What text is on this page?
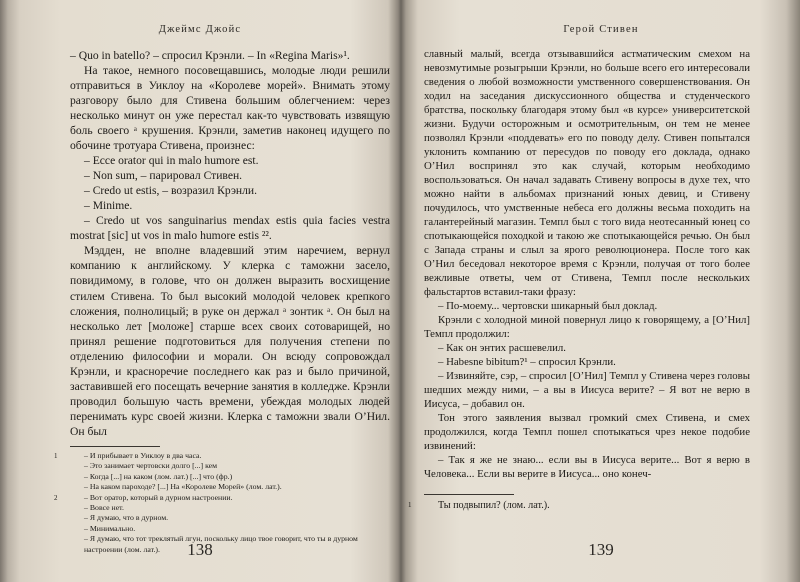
Джеймс Джойс

– Quo in batello? – спросил Крэнли. – In «Regina Maris»¹.

Ha такое, немного посовещавшись, молодые люди решили отправиться в Уиклоу на «Королеве морей». Внимать этому разговору было для Стивена большим облегчением: через несколько минут он уже перестал как-то чувствовать извящую боль своего ᵃ крушения. Крэнли, заметив наконец идущего по обочине тротуара Стивена, произнес:

– Ecce orator qui in malo humore est.

– Non sum, – парировал Стивен.

– Credo ut estis, – возразил Крэнли.

– Minime.

– Credo ut vos sanguinarius mendax estis quia facies vestra mostrat [sic] ut vos in malo humore estis ²².

Мэдден, не вполне владевший этим наречием, вернул компанию к английскому. У клерка с таможни засело, повидимому, в голове, что он должен выразить восхищение стилем Стивена. То был высокий молодой человек крепкого сложения, полнолицый; в руке он держал ᵃ зонтик ᵃ. Он был на несколько лет [моложе] старше всех своих сотоварищей, но принял решение подготовиться для получения степени по отделению философии и морали. Он всюду сопровождал Крэнли, и красноречие последнего как раз и было причиной, заставившей его посещать вечерние занятия в колледже. Крэнли проводил большую часть времени, убеждая молодых людей перенимать курс своей жизни. Клерка с таможни звали О’Нил. Он был

1	– И прибывает в Уиклоу в два часа.
– Это занимает чертовски долго [...] кем
– Когда [...] на каком (лом. лат.) [...] что (фр.)
– На каком пароходе? [...] На «Королеве Морей» (лом. лат.).
2	– Вот оратор, который в дурном настроении.
– Вовсе нет.
– Я думаю, что в дурном.
– Минимально.
– Я думаю, что тот треклятый лгун, поскольку лицо твое говорит, что ты в дурном настроении (лом. лат.).	138
Герой Стивен

славный малый, всегда отзывавшийся астматическим смехом на невозмутимые розыгрыши Крэнли, но больше всего его интересовали сведения о любой возможности умственного совершенствования. Он ходил на заседания дискуссионного общества и студенческого братства, поскольку благодаря этому был «в курсе» университетской жизни. Будучи осторожным и осмотрительным, он тем не менее позволял Крэнли «поддевать» его по поводу делу. Стивен попытался уклонить компанию от пересудов по поводу его доклада, однако О’Нил воспринял это как случай, которым необходимо воспользоваться. Он начал задавать Стивену вопросы в духе тех, что можно найти в альбомах признаний юных девиц, и Стивену почудилось, что умственные небеса его должны весьма походить на галантерейный магазин. Темпл был с того вида неотесанный юнец со спотыкающейся походкой и такою же спотыкающейся речью. Он был с Запада страны и слыл за ярого революционера. После того как О’Нил беседовал некоторое время с Крэнли, получая от того более вежливые ответы, чем от Стивена, Темпл после нескольких фальстартов вставил-таки фразу:

– По-моему... чертовски шикарный был доклад.

Крэнли с холодной миной повернул лицо к говорящему, а [О’Нил] Темпл продолжил:

– Как он энтих расшевелил.

– Habesne bibitum?¹ – спросил Крэнли.

– Извиняйте, сэр, – спросил [О’Нил] Темпл у Стивена через головы шедших между ними, – а вы в Иисуса верите? – Я вот не верю в Иисуса, – добавил он.

Тон этого заявления вызвал громкий смех Стивена, и смех продолжился, когда Темпл пошел спотыкаться чрез некое подобие извинений:

– Так я же не знаю... если вы в Иисуса верите... Вот я верю в Человека... Если вы верите в Иисуса... оно конеч-

1	Ты подвыпил? (лом. лат.).
139
